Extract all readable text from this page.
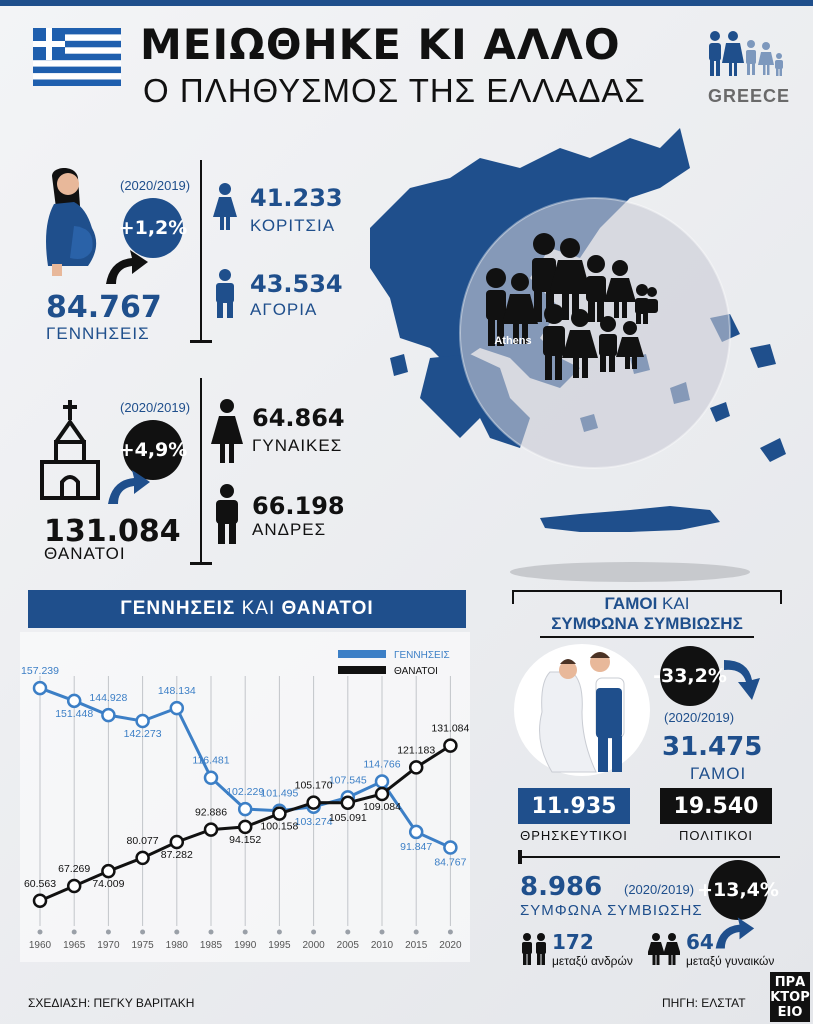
ΜΕΙΩΘΗΚΕ ΚΙ ΑΛΛΟ
Ο ΠΛΗΘΥΣΜΟΣ ΤΗΣ ΕΛΛΑΔΑΣ	GREECE
(2020/2019)
+1,2%
84.767
ΓΕΝΝΗΣΕΙΣ
41.233
ΚΟΡΙΤΣΙΑ
43.534
ΑΓΟΡΙΑ
(2020/2019)
+4,9%
131.084
ΘΑΝΑΤΟΙ
64.864
ΓΥΝΑΙΚΕΣ
66.198
ΑΝΔΡΕΣ
Athens
ΓΕΝΝΗΣΕΙΣ
ΚΑΙ
ΘΑΝΑΤΟΙ
1960 1965 1970 1975 1980 1985 1990 1995 2000 2005 2010 2015 2020
157.239
151.448
144.928
142.273
148.134
116.481
102.229
101.495
103.274
107.545
114.766
91.847
84.767
60.563
67.269
74.009
80.077
87.282
92.886
94.152
100.158
105.170
105.091
109.084
121.183
131.084
ΓΕΝΝΗΣΕΙΣ
ΘΑΝΑΤΟΙ
ΓΑΜΟΙ ΚΑΙ
ΣΥΜΦΩΝΑ ΣΥΜΒΙΩΣΗΣ
-33,2%
(2020/2019)
31.475
ΓΑΜΟΙ
11.935
ΘΡΗΣΚΕΥΤΙΚΟΙ
19.540
ΠΟΛΙΤΙΚΟΙ
8.986 (2020/2019)
ΣΥΜΦΩΝΑ ΣΥΜΒΙΩΣΗΣ
+13,4%
172
μεταξύ ανδρών
64
μεταξύ γυναικών
ΣΧΕΔΙΑΣΗ: ΠΕΓΚΥ ΒΑΡΙΤΑΚΗ	ΠΗΓΗ: ΕΛΣΤΑΤ
ΠΡΑ
ΚΤΟΡ
ΕΙΟ
